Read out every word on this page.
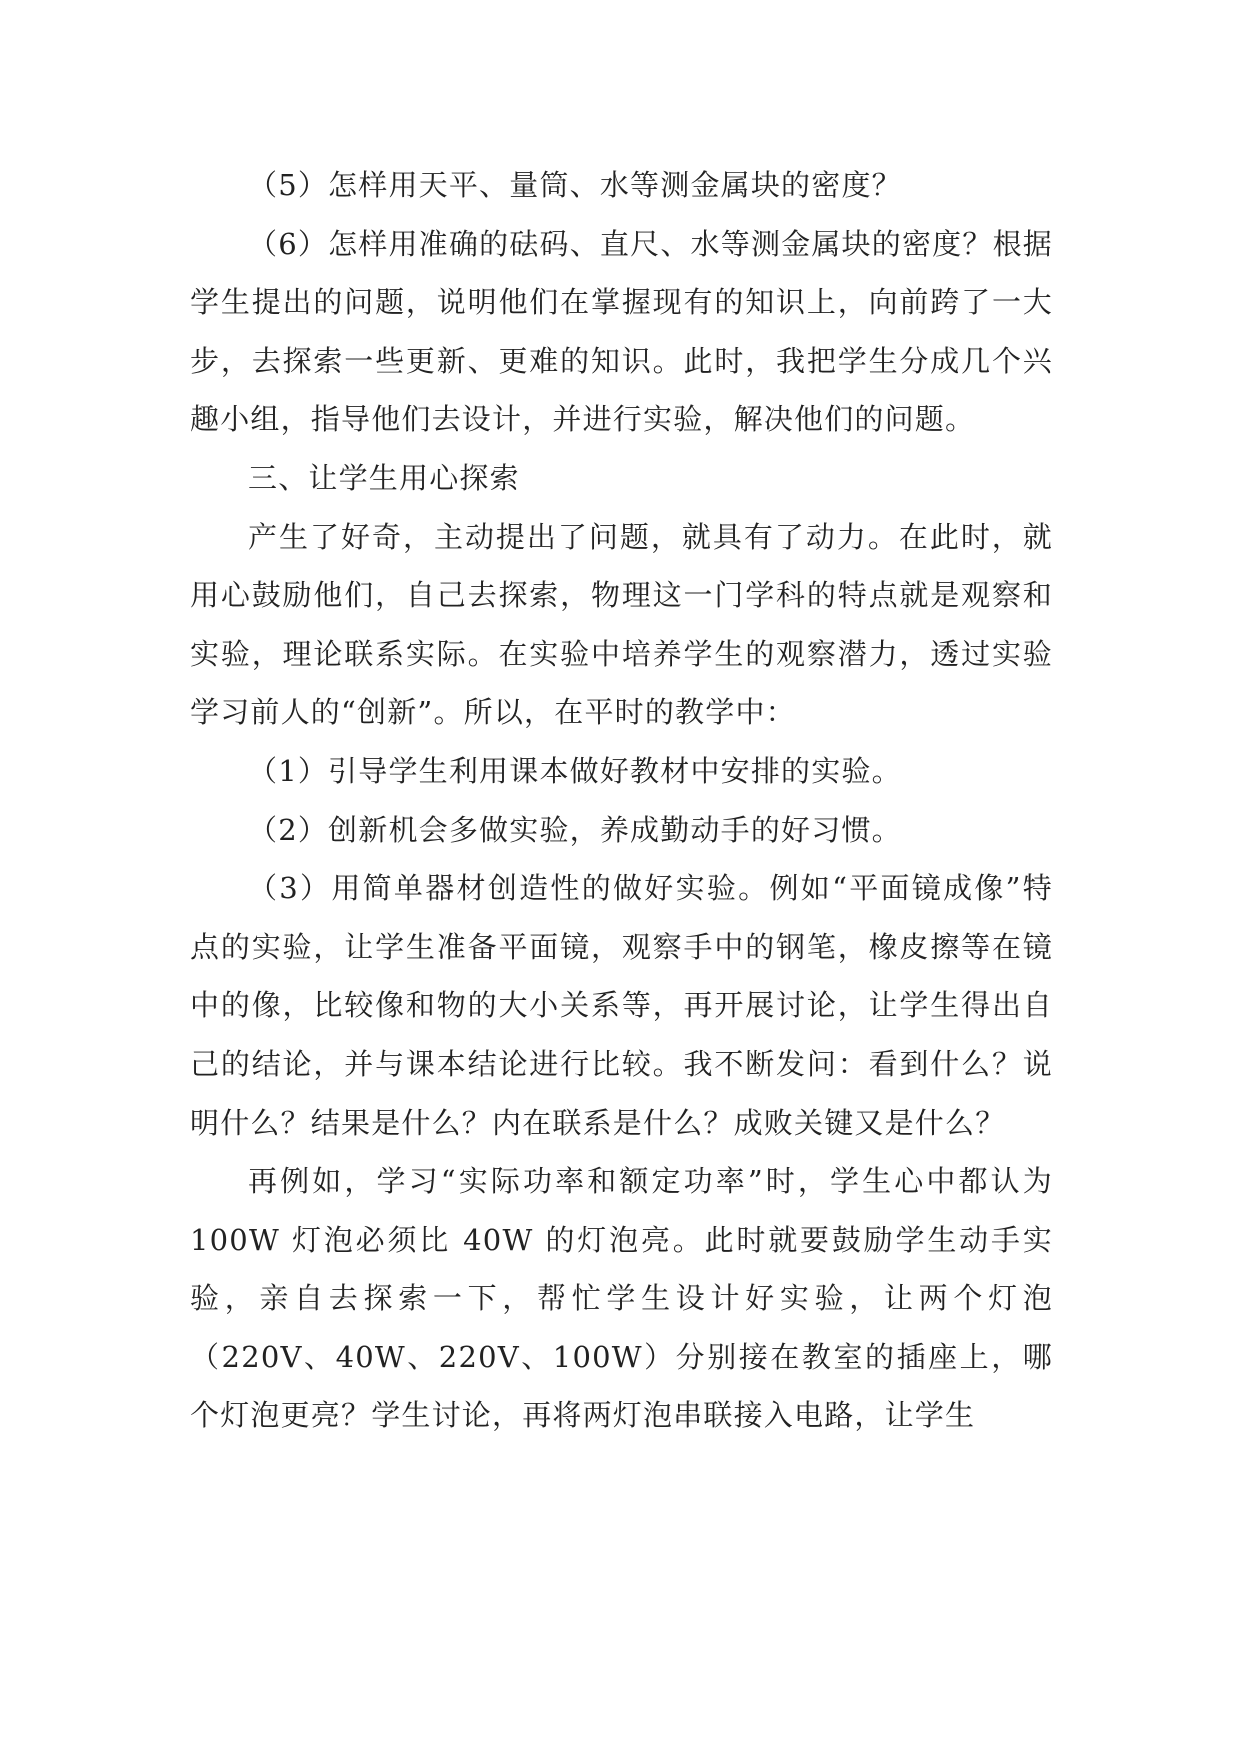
（5）怎样用天平、量筒、水等测金属块的密度？

（6）怎样用准确的砝码、直尺、水等测金属块的密度？根据学生提出的问题，说明他们在掌握现有的知识上，向前跨了一大步，去探索一些更新、更难的知识。此时，我把学生分成几个兴趣小组，指导他们去设计，并进行实验，解决他们的问题。

三、让学生用心探索

产生了好奇，主动提出了问题，就具有了动力。在此时，就用心鼓励他们，自己去探索，物理这一门学科的特点就是观察和实验，理论联系实际。在实验中培养学生的观察潜力，透过实验学习前人的“创新”。所以，在平时的教学中：

（1）引导学生利用课本做好教材中安排的实验。

（2）创新机会多做实验，养成勤动手的好习惯。

（3）用简单器材创造性的做好实验。例如“平面镜成像”特点的实验，让学生准备平面镜，观察手中的钢笔，橡皮擦等在镜中的像，比较像和物的大小关系等，再开展讨论，让学生得出自己的结论，并与课本结论进行比较。我不断发问：看到什么？说明什么？结果是什么？内在联系是什么？成败关键又是什么？

再例如，学习“实际功率和额定功率”时，学生心中都认为 100W 灯泡必须比 40W 的灯泡亮。此时就要鼓励学生动手实验，亲自去探索一下，帮忙学生设计好实验，让两个灯泡（220V、40W、220V、100W）分别接在教室的插座上，哪个灯泡更亮？学生讨论，再将两灯泡串联接入电路，让学生
